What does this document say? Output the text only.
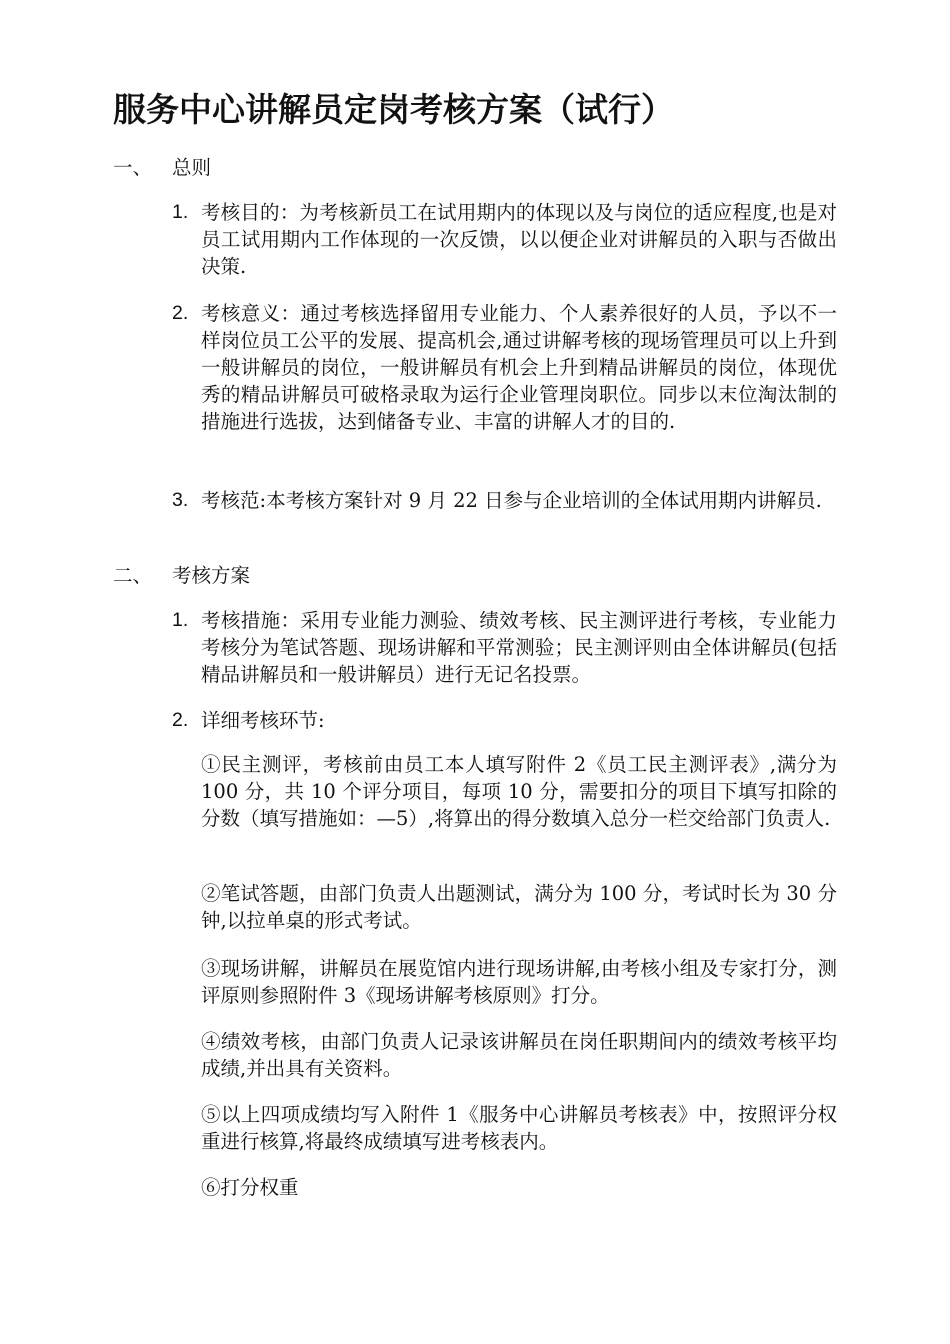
服务中心讲解员定岗考核方案（试行）
一、 总则
1. 考核目的：为考核新员工在试用期内的体现以及与岗位的适应程度,也是对员工试用期内工作体现的一次反馈，以以便企业对讲解员的入职与否做出决策.
2. 考核意义：通过考核选择留用专业能力、个人素养很好的人员，予以不一样岗位员工公平的发展、提高机会,通过讲解考核的现场管理员可以上升到一般讲解员的岗位，一般讲解员有机会上升到精品讲解员的岗位，体现优秀的精品讲解员可破格录取为运行企业管理岗职位。同步以末位淘汰制的措施进行选拔，达到储备专业、丰富的讲解人才的目的.
3. 考核范:本考核方案针对 9 月 22 日参与企业培训的全体试用期内讲解员.
二、 考核方案
1. 考核措施：采用专业能力测验、绩效考核、民主测评进行考核，专业能力考核分为笔试答题、现场讲解和平常测验；民主测评则由全体讲解员(包括精品讲解员和一般讲解员）进行无记名投票。
2. 详细考核环节:
①民主测评，考核前由员工本人填写附件 2《员工民主测评表》,满分为 100 分，共 10 个评分项目，每项 10 分，需要扣分的项目下填写扣除的分数（填写措施如：—5）,将算出的得分数填入总分一栏交给部门负责人.
②笔试答题，由部门负责人出题测试，满分为 100 分，考试时长为 30 分钟,以拉单桌的形式考试。
③现场讲解，讲解员在展览馆内进行现场讲解,由考核小组及专家打分，测评原则参照附件 3《现场讲解考核原则》打分。
④绩效考核，由部门负责人记录该讲解员在岗任职期间内的绩效考核平均成绩,并出具有关资料。
⑤以上四项成绩均写入附件 1《服务中心讲解员考核表》中，按照评分权重进行核算,将最终成绩填写进考核表内。
⑥打分权重
